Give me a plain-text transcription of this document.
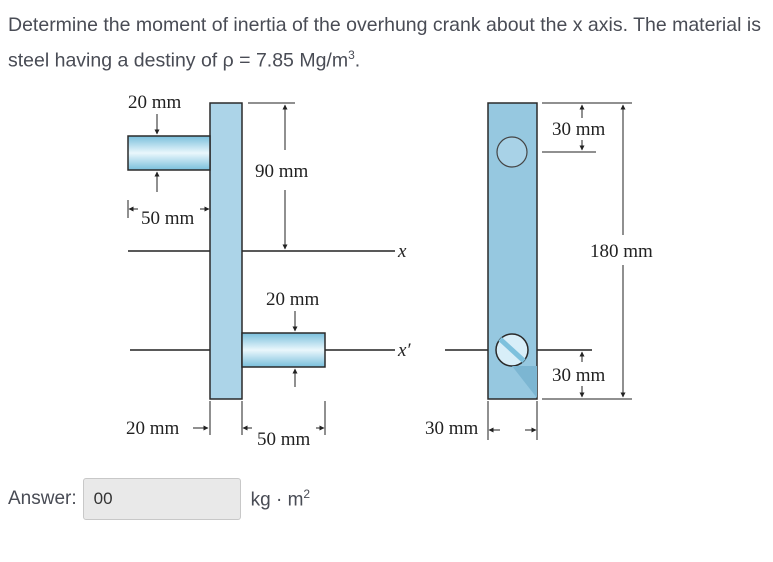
Determine the moment of inertia of the overhung crank about the x axis. The material is steel having a destiny of ρ = 7.85 $Mg/m^3$.

20 mm
50 mm
90 mm
20 mm
20 mm
50 mm
x
x′
30 mm
180 mm
30 mm
30 mm
Answer:	00	kg · $m^2$
